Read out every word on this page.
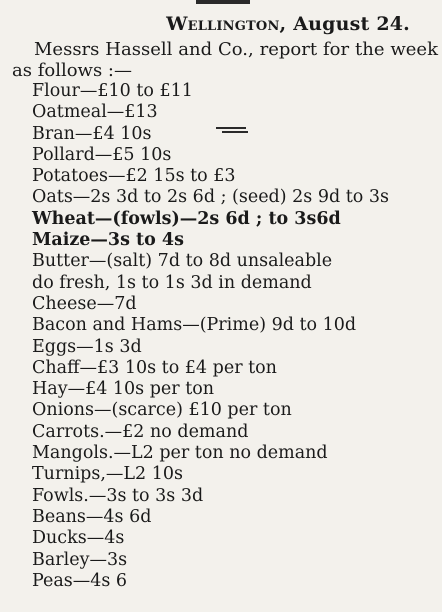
Wellington, August 24.
Messrs Hassell and Co., report for the week as follows :—
Flour—£10 to £11
Oatmeal—£13
Bran—£4 10s
Pollard—£5 10s
Potatoes—£2 15s to £3
Oats—2s 3d to 2s 6d ; (seed) 2s 9d to 3s
Wheat—(fowls)—2s 6d ; to 3s6d
Maize—3s to 4s
Butter—(salt) 7d to 8d unsaleable
do fresh, 1s to 1s 3d in demand
Cheese—7d
Bacon and Hams—(Prime) 9d to 10d
Eggs—1s 3d
Chaff—£3 10s to £4 per ton
Hay—£4 10s per ton
Onions—(scarce) £10 per ton
Carrots.—£2 no demand
Mangols.—L2 per ton no demand
Turnips,—L2 10s
Fowls.—3s to 3s 3d
Beans—4s 6d
Ducks—4s
Barley—3s
Peas—4s 6
